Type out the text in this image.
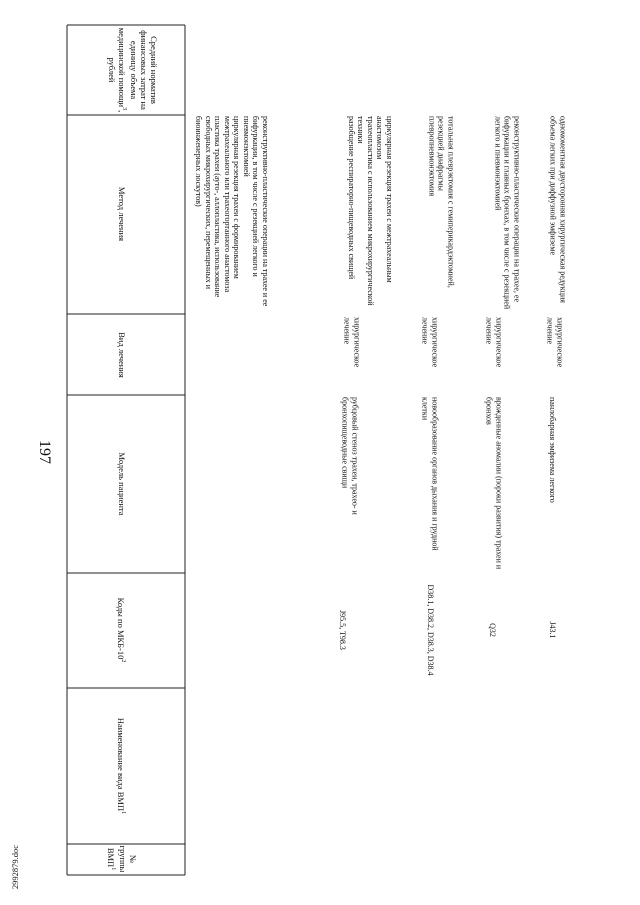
197
2992879.doc
Средний норматив финансовых затрат на единицу объема медицинской помощи$^3$, рублей
Метод лечения
Вид лечения
Модель пациента
Коды по МКБ-$10^2$
Наименование вида ВМП$^1$
№ группы ВМП$^1$
реконструктивно-пластические операции на трахее и ее бифуркации, в том числе с резекцией легкого и пневмонэктомией
циркулярная резекция трахеи с формированием межтрахеального или трахеогортанного анастомоза
пластика трахеи (ауто-, аллопластика, использование свободных микрохирургических, перемещенных и биоинженерных лоскутов)	циркулярная резекция трахеи с межтрахеальным анастомозом
трахеопластика с использованием микрохирургической техники
разобщение респираторно-пищеводных свищей
хирургическое лечение
рубцовый стеноз трахеи, трахео- и бронхопищеводные свищи
J95.5, T98.3
тотальная плеврэктомия с гемиперикардэктомией, резекцией диафрагмы
плевропневмонэктомия
хирургическое лечение
новообразование органов дыхания и грудной клетки
D38.1, D38.2, D38.3, D38.4
реконструктивно-пластические операции на трахее, ее бифуркации и главных бронхах, в том числе с резекцией легкого и пневмонэктомией
хирургическое лечение
врожденные аномалии (пороки развития) трахеи и бронхов
Q32
одномоментная двусторонняя хирургическая редукция объема легких при диффузной эмфиземе
хирургическое лечение
панлобарная эмфизема легкого
J43.1
